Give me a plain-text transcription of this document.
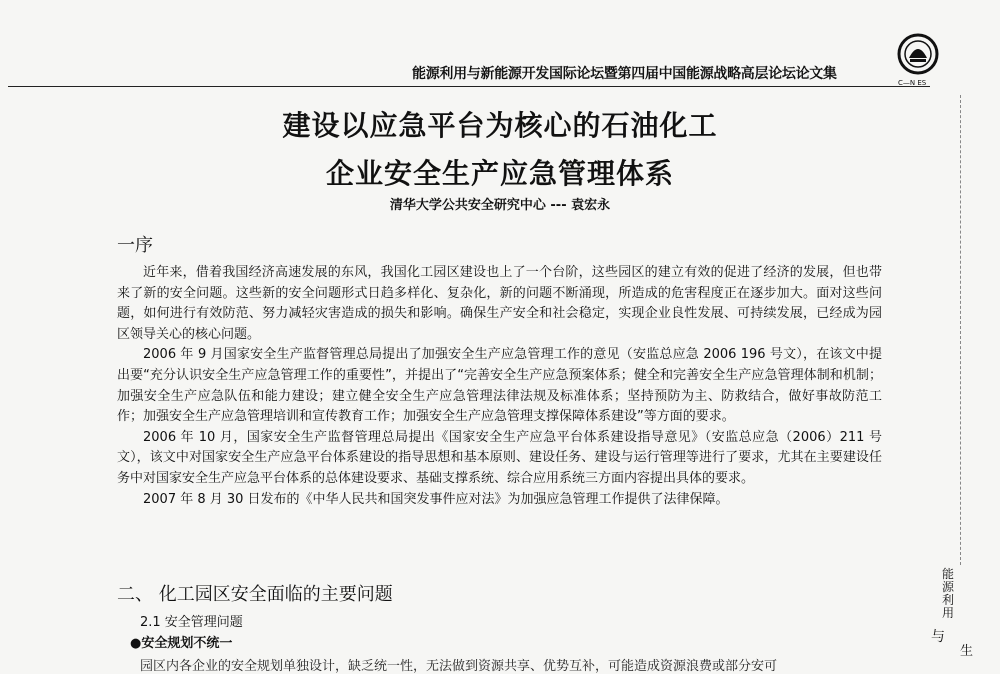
能源利用与新能源开发国际论坛暨第四届中国能源战略高层论坛论文集
C—N ES
建设以应急平台为核心的石油化工
企业安全生产应急管理体系
清华大学公共安全研究中心 --- 袁宏永
一序

近年来，借着我国经济高速发展的东风，我国化工园区建设也上了一个台阶，这些园区的建立有效的促进了经济的发展，但也带来了新的安全问题。这些新的安全问题形式日趋多样化、复杂化，新的问题不断涌现，所造成的危害程度正在逐步加大。面对这些问题，如何进行有效防范、努力减轻灾害造成的损失和影响。确保生产安全和社会稳定，实现企业良性发展、可持续发展，已经成为园区领导关心的核心问题。

2006 年 9 月国家安全生产监督管理总局提出了加强安全生产应急管理工作的意见（安监总应急 2006 196 号文），在该文中提出要“充分认识安全生产应急管理工作的重要性”，并提出了“完善安全生产应急预案体系；健全和完善安全生产应急管理体制和机制；加强安全生产应急队伍和能力建设；建立健全安全生产应急管理法律法规及标准体系；坚持预防为主、防救结合，做好事故防范工作；加强安全生产应急管理培训和宣传教育工作；加强安全生产应急管理支撑保障体系建设”等方面的要求。

2006 年 10 月，国家安全生产监督管理总局提出《国家安全生产应急平台体系建设指导意见》（安监总应急（2006）211 号文），该文中对国家安全生产应急平台体系建设的指导思想和基本原则、建设任务、建设与运行管理等进行了要求，尤其在主要建设任务中对国家安全生产应急平台体系的总体建设要求、基础支撑系统、综合应用系统三方面内容提出具体的要求。

2007 年 8 月 30 日发布的《中华人民共和国突发事件应对法》为加强应急管理工作提供了法律保障。

二、 化工园区安全面临的主要问题
2.1 安全管理问题
●安全规划不统一
园区内各企业的安全规划单独设计，缺乏统一性，无法做到资源共享、优势互补，可能造成资源浪费或部分安可
能源利用
与
生
